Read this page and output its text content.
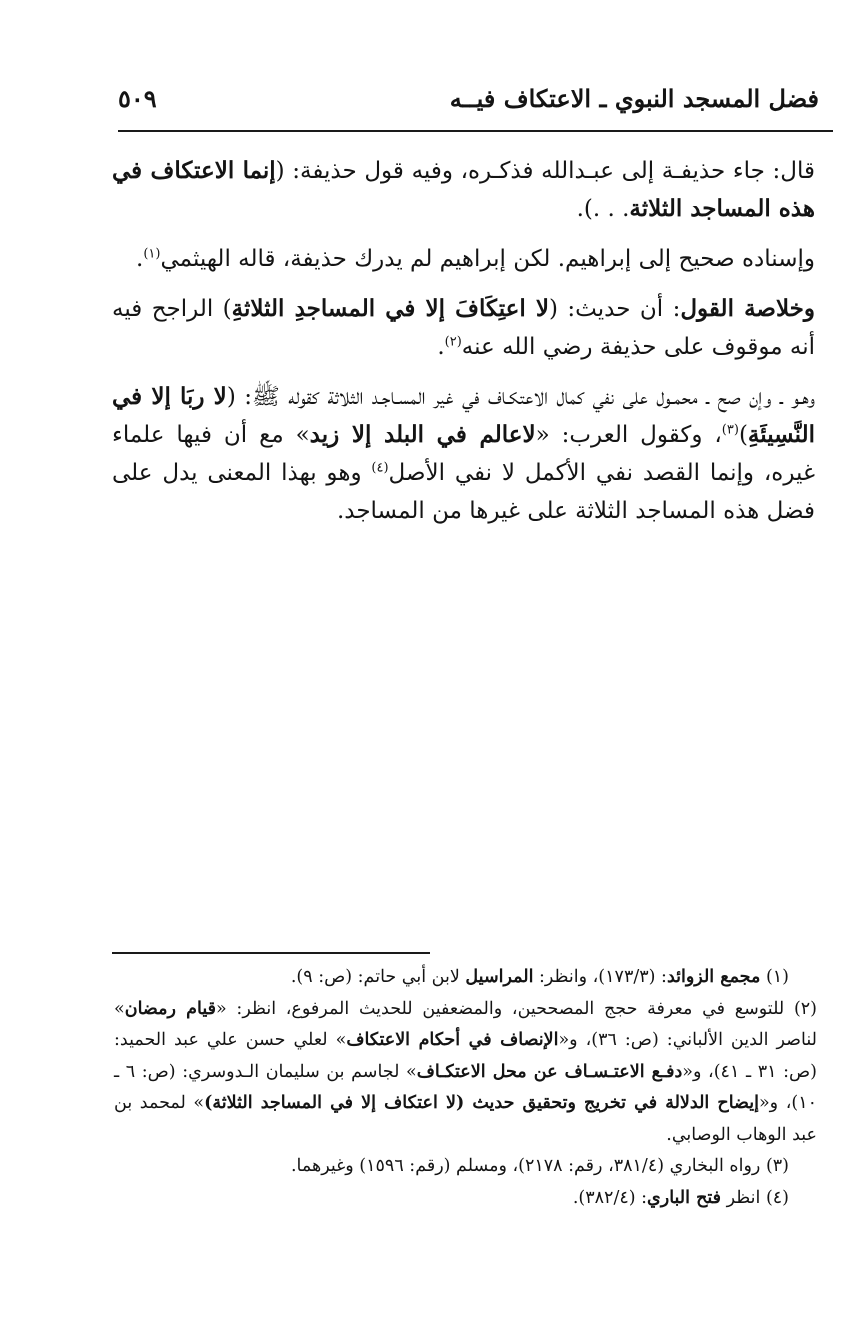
فضل المسجد النبوي ـ الاعتكاف فيــه
٥٠٩

قال: جاء حذيفـة إلى عبـدالله فذكـره، وفيه قول حذيفة: (إنما الاعتكاف في هذه المساجد الثلاثة. . .).

وإسناده صحيح إلى إبراهيم. لكن إبراهيم لم يدرك حذيفة، قاله الهيثمي$^{(١)}$.

وخلاصة القول: أن حديث: (لا اعتِكَافَ إلا في المساجدِ الثلاثةِ) الراجح فيه أنه موقوف على حذيفة رضي الله عنه$^{(٢)}$.

وهـو ـ وإن صح ـ محمـول على نفي كمال الاعتكـاف في غير المسـاجـد الثلاثة كقوله ﷺ: (لا ربَا إلا في النَّسِيئَةِ)$^{(٣)}$، وكقول العرب: «لاعالم في البلد إلا زيد» مع أن فيها علماء غيره، وإنما القصد نفي الأكمل لا نفي الأصل$^{(٤)}$ وهو بهذا المعنى يدل على فضل هذه المساجد الثلاثة على غيرها من المساجد.

(١) مجمع الزوائد: (١٧٣/٣)، وانظر: المراسيل لابن أبي حاتم: (ص: ٩).

(٢) للتوسع في معرفة حجج المصححين، والمضعفين للحديث المرفوع، انظر: «قيام رمضان» لناصر الدين الألباني: (ص: ٣٦)، و«الإنصاف في أحكام الاعتكاف» لعلي حسن علي عبد الحميد: (ص: ٣١ ـ ٤١)، و«دفـع الاعتـسـاف عن محل الاعتكـاف» لجاسم بن سليمان الـدوسري: (ص: ٦ ـ ١٠)، و«إيضاح الدلالة في تخريج وتحقيق حديث (لا اعتكاف إلا في المساجد الثلاثة)» لمحمد بن عبد الوهاب الوصابي.

(٣) رواه البخاري (٣٨١/٤، رقم: ٢١٧٨)، ومسلم (رقم: ١٥٩٦) وغيرهما.

(٤) انظر فتح الباري: (٣٨٢/٤).
